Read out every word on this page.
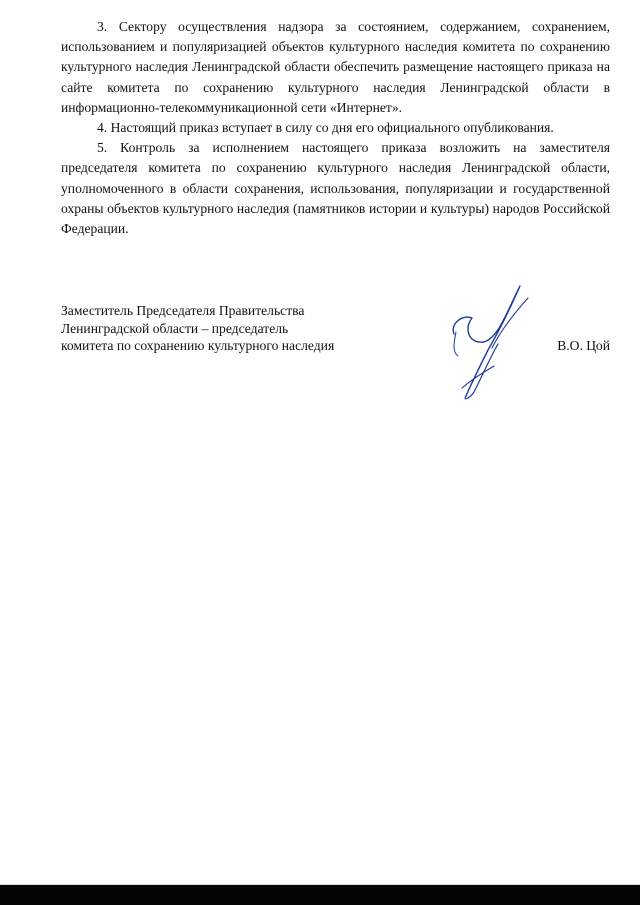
3. Сектору осуществления надзора за состоянием, содержанием, сохранением, использованием и популяризацией объектов культурного наследия комитета по сохранению культурного наследия Ленинградской области обеспечить размещение настоящего приказа на сайте комитета по сохранению культурного наследия Ленинградской области в информационно-телекоммуникационной сети «Интернет».

4. Настоящий приказ вступает в силу со дня его официального опубликования.

5. Контроль за исполнением настоящего приказа возложить на заместителя председателя комитета по сохранению культурного наследия Ленинградской области, уполномоченного в области сохранения, использования, популяризации и государственной охраны объектов культурного наследия (памятников истории и культуры) народов Российской Федерации.

Заместитель Председателя Правительства
Ленинградской области – председатель
комитета по сохранению культурного наследия	В.О. Цой
